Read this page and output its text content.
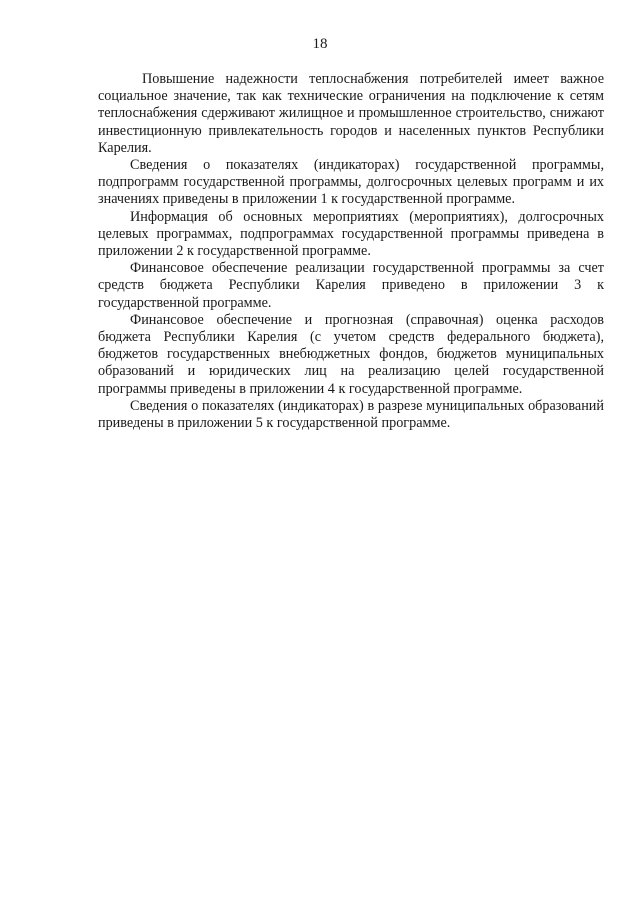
18

Повышение надежности теплоснабжения потребителей имеет важное социальное значение, так как технические ограничения на подключение к сетям теплоснабжения сдерживают жилищное и промышленное строительство, снижают инвестиционную привлекательность городов и населенных пунктов Республики Карелия.

Сведения о показателях (индикаторах) государственной программы, подпрограмм государственной программы, долгосрочных целевых программ и их значениях приведены в приложении 1 к государственной программе.

Информация об основных мероприятиях (мероприятиях), долгосрочных целевых программах, подпрограммах государственной программы приведена в приложении 2 к государственной программе.

Финансовое обеспечение реализации государственной программы за счет средств бюджета Республики Карелия приведено в приложении 3 к государственной программе.

Финансовое обеспечение и прогнозная (справочная) оценка расходов бюджета Республики Карелия (с учетом средств федерального бюджета), бюджетов государственных внебюджетных фондов, бюджетов муниципальных образований и юридических лиц на реализацию целей государственной программы приведены в приложении 4 к государственной программе.

Сведения о показателях (индикаторах) в разрезе муниципальных образований приведены в приложении 5 к государственной программе.
